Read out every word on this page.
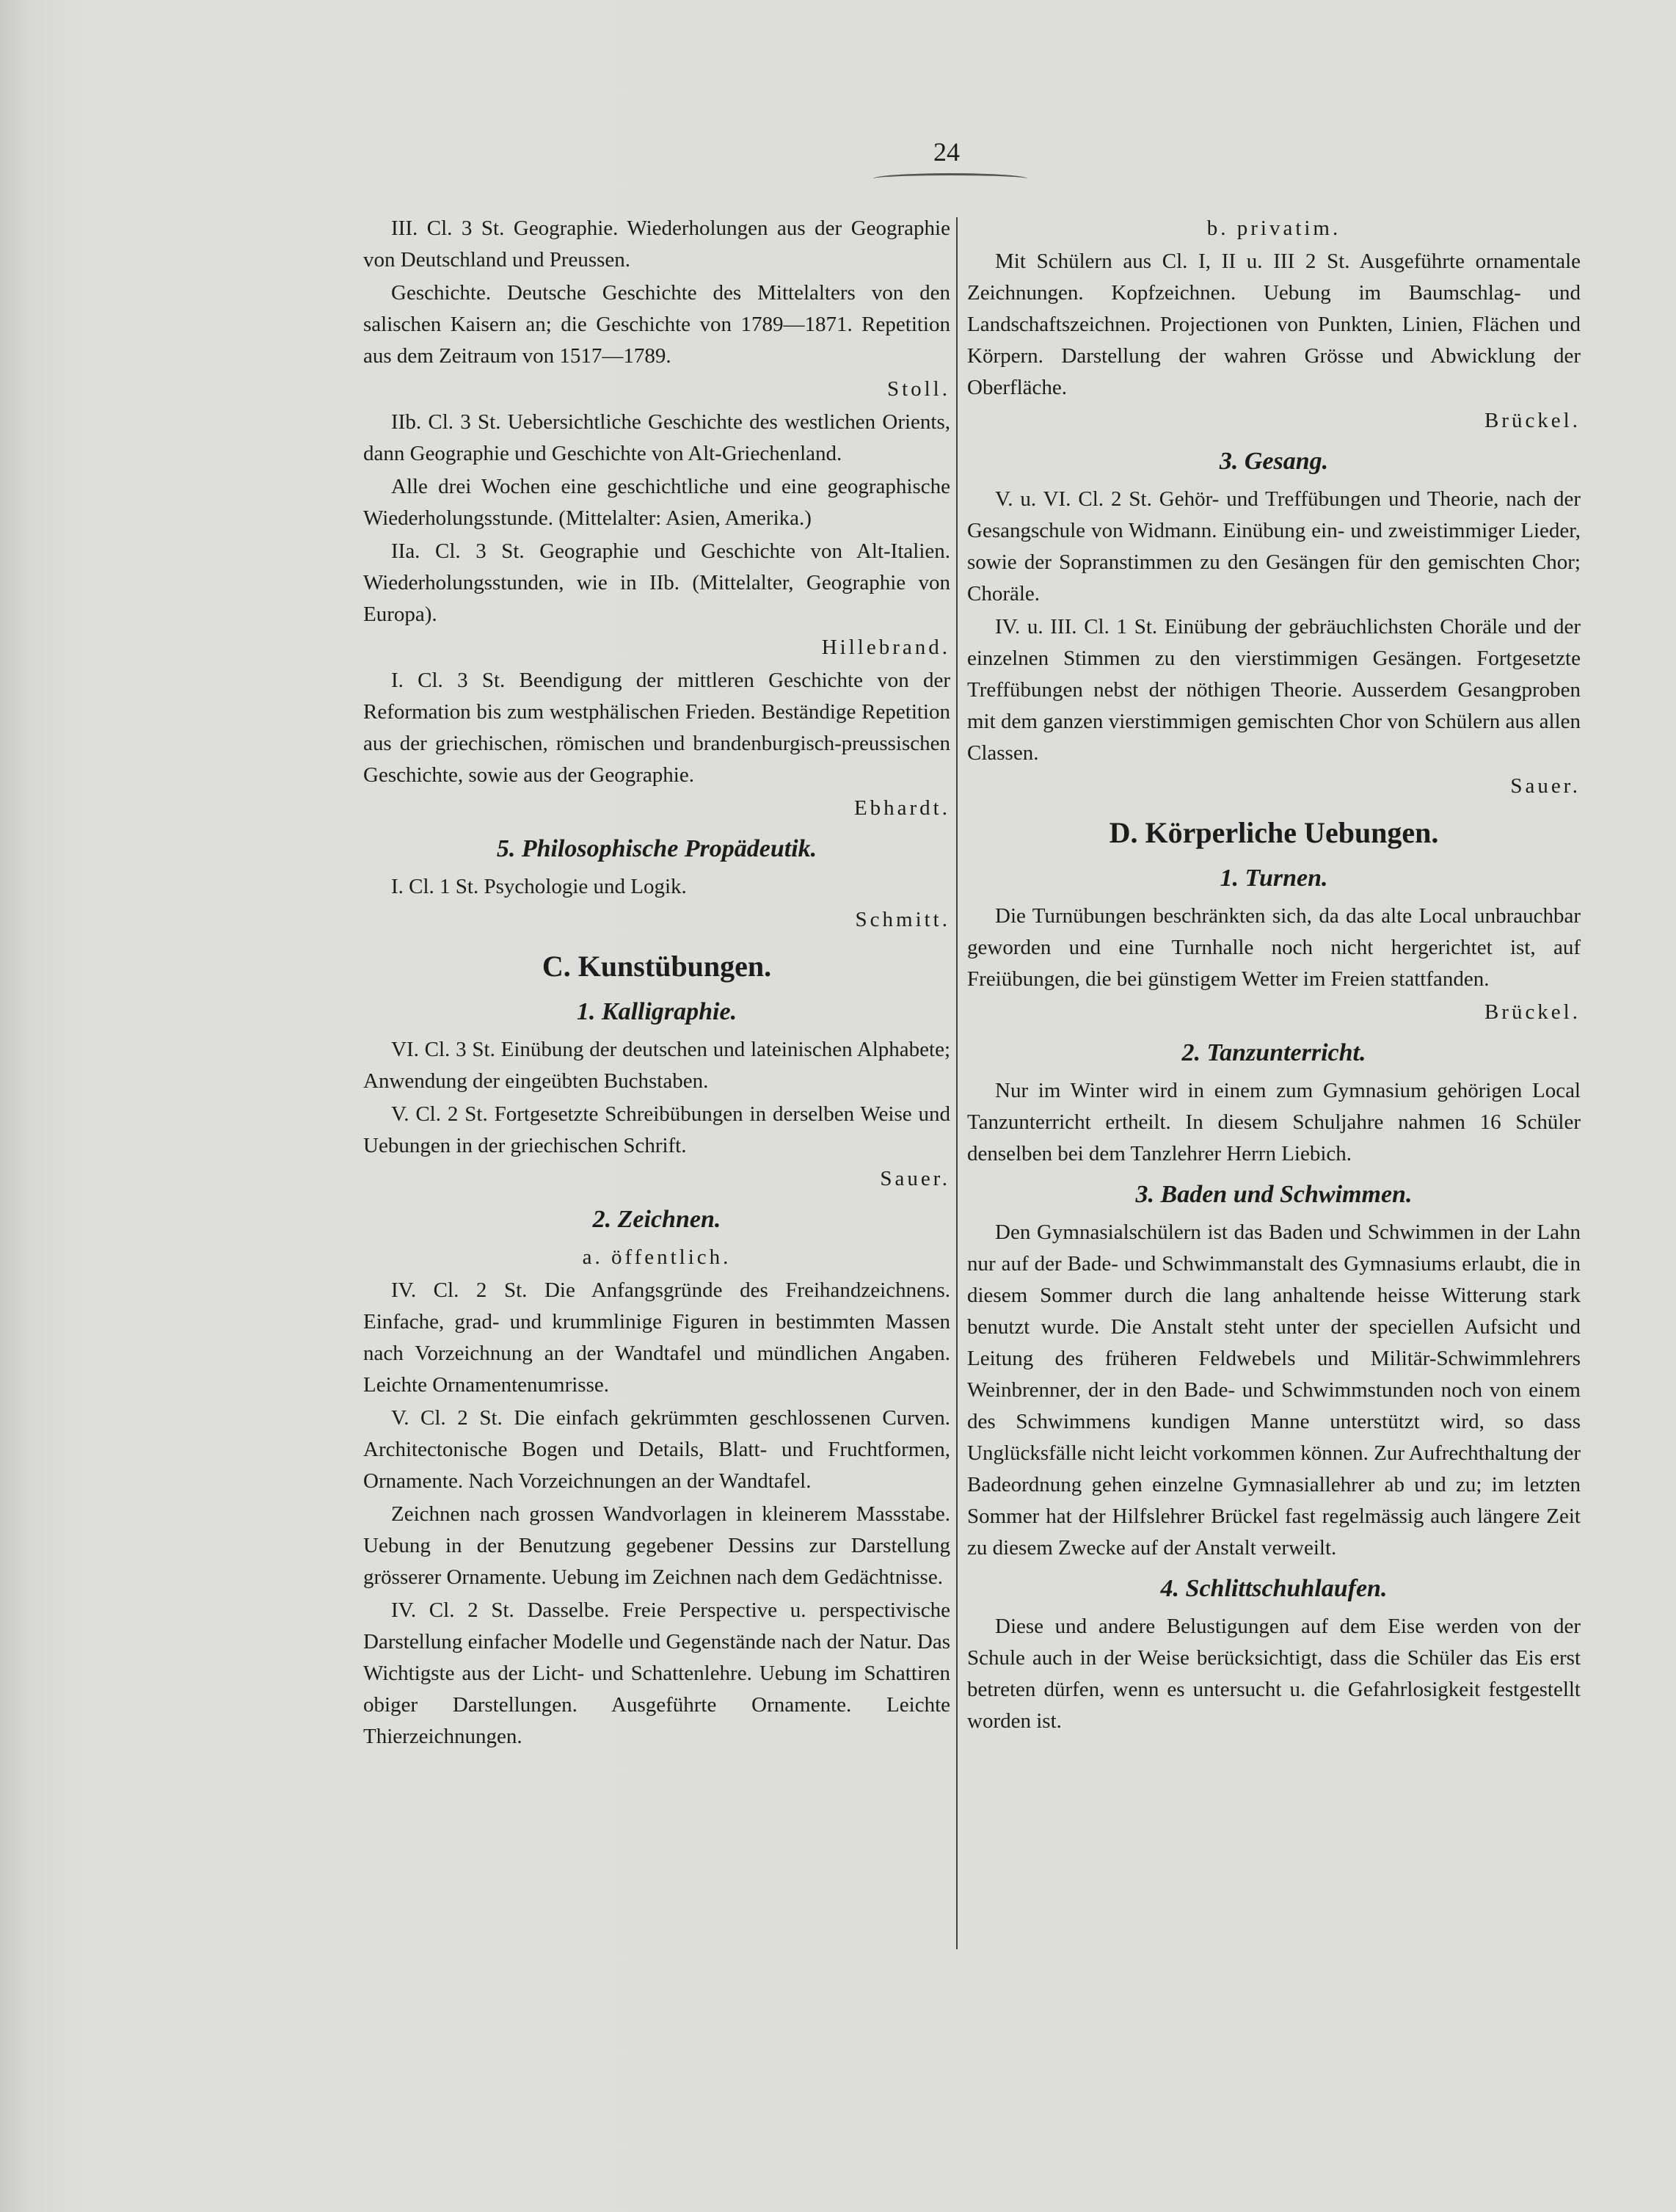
24

III. Cl. 3 St. Geographie. Wiederholungen aus der Geographie von Deutschland und Preussen.

Geschichte. Deutsche Geschichte des Mittelalters von den salischen Kaisern an; die Geschichte von 1789—1871. Repetition aus dem Zeitraum von 1517—1789.

Stoll.

IIb. Cl. 3 St. Uebersichtliche Geschichte des westlichen Orients, dann Geographie und Geschichte von Alt-Griechenland.

Alle drei Wochen eine geschichtliche und eine geographische Wiederholungsstunde. (Mittelalter: Asien, Amerika.)

IIa. Cl. 3 St. Geographie und Geschichte von Alt-Italien. Wiederholungsstunden, wie in IIb. (Mittelalter, Geographie von Europa).

Hillebrand.

I. Cl. 3 St. Beendigung der mittleren Geschichte von der Reformation bis zum westphälischen Frieden. Beständige Repetition aus der griechischen, römischen und brandenburgisch-preussischen Geschichte, sowie aus der Geographie.

Ebhardt.

5. Philosophische Propädeutik.

I. Cl. 1 St. Psychologie und Logik.

Schmitt.

C. Kunstübungen.
1. Kalligraphie.

VI. Cl. 3 St. Einübung der deutschen und lateinischen Alphabete; Anwendung der eingeübten Buchstaben.

V. Cl. 2 St. Fortgesetzte Schreibübungen in derselben Weise und Uebungen in der griechischen Schrift.

Sauer.

2. Zeichnen.

a. öffentlich.

IV. Cl. 2 St. Die Anfangsgründe des Freihandzeichnens. Einfache, grad- und krummlinige Figuren in bestimmten Massen nach Vorzeichnung an der Wandtafel und mündlichen Angaben. Leichte Ornamentenumrisse.

V. Cl. 2 St. Die einfach gekrümmten geschlossenen Curven. Architectonische Bogen und Details, Blatt- und Fruchtformen, Ornamente. Nach Vorzeichnungen an der Wandtafel.

Zeichnen nach grossen Wandvorlagen in kleinerem Massstabe. Uebung in der Benutzung gegebener Dessins zur Darstellung grösserer Ornamente. Uebung im Zeichnen nach dem Gedächtnisse.

IV. Cl. 2 St. Dasselbe. Freie Perspective u. perspectivische Darstellung einfacher Modelle und Gegenstände nach der Natur. Das Wichtigste aus der Licht- und Schattenlehre. Uebung im Schattiren obiger Darstellungen. Ausgeführte Ornamente. Leichte Thierzeichnungen.

b. privatim.

Mit Schülern aus Cl. I, II u. III 2 St. Ausgeführte ornamentale Zeichnungen. Kopfzeichnen. Uebung im Baumschlag- und Landschaftszeichnen. Projectionen von Punkten, Linien, Flächen und Körpern. Darstellung der wahren Grösse und Abwicklung der Oberfläche.

Brückel.

3. Gesang.

V. u. VI. Cl. 2 St. Gehör- und Treffübungen und Theorie, nach der Gesangschule von Widmann. Einübung ein- und zweistimmiger Lieder, sowie der Sopranstimmen zu den Gesängen für den gemischten Chor; Choräle.

IV. u. III. Cl. 1 St. Einübung der gebräuchlichsten Choräle und der einzelnen Stimmen zu den vierstimmigen Gesängen. Fortgesetzte Treffübungen nebst der nöthigen Theorie. Ausserdem Gesangproben mit dem ganzen vierstimmigen gemischten Chor von Schülern aus allen Classen.

Sauer.

D. Körperliche Uebungen.
1. Turnen.

Die Turnübungen beschränkten sich, da das alte Local unbrauchbar geworden und eine Turnhalle noch nicht hergerichtet ist, auf Freiübungen, die bei günstigem Wetter im Freien stattfanden.

Brückel.

2. Tanzunterricht.

Nur im Winter wird in einem zum Gymnasium gehörigen Local Tanzunterricht ertheilt. In diesem Schuljahre nahmen 16 Schüler denselben bei dem Tanzlehrer Herrn Liebich.

3. Baden und Schwimmen.

Den Gymnasialschülern ist das Baden und Schwimmen in der Lahn nur auf der Bade- und Schwimmanstalt des Gymnasiums erlaubt, die in diesem Sommer durch die lang anhaltende heisse Witterung stark benutzt wurde. Die Anstalt steht unter der speciellen Aufsicht und Leitung des früheren Feldwebels und Militär-Schwimmlehrers Weinbrenner, der in den Bade- und Schwimmstunden noch von einem des Schwimmens kundigen Manne unterstützt wird, so dass Unglücksfälle nicht leicht vorkommen können. Zur Aufrechthaltung der Badeordnung gehen einzelne Gymnasiallehrer ab und zu; im letzten Sommer hat der Hilfslehrer Brückel fast regelmässig auch längere Zeit zu diesem Zwecke auf der Anstalt verweilt.

4. Schlittschuhlaufen.

Diese und andere Belustigungen auf dem Eise werden von der Schule auch in der Weise berücksichtigt, dass die Schüler das Eis erst betreten dürfen, wenn es untersucht u. die Gefahrlosigkeit festgestellt worden ist.
